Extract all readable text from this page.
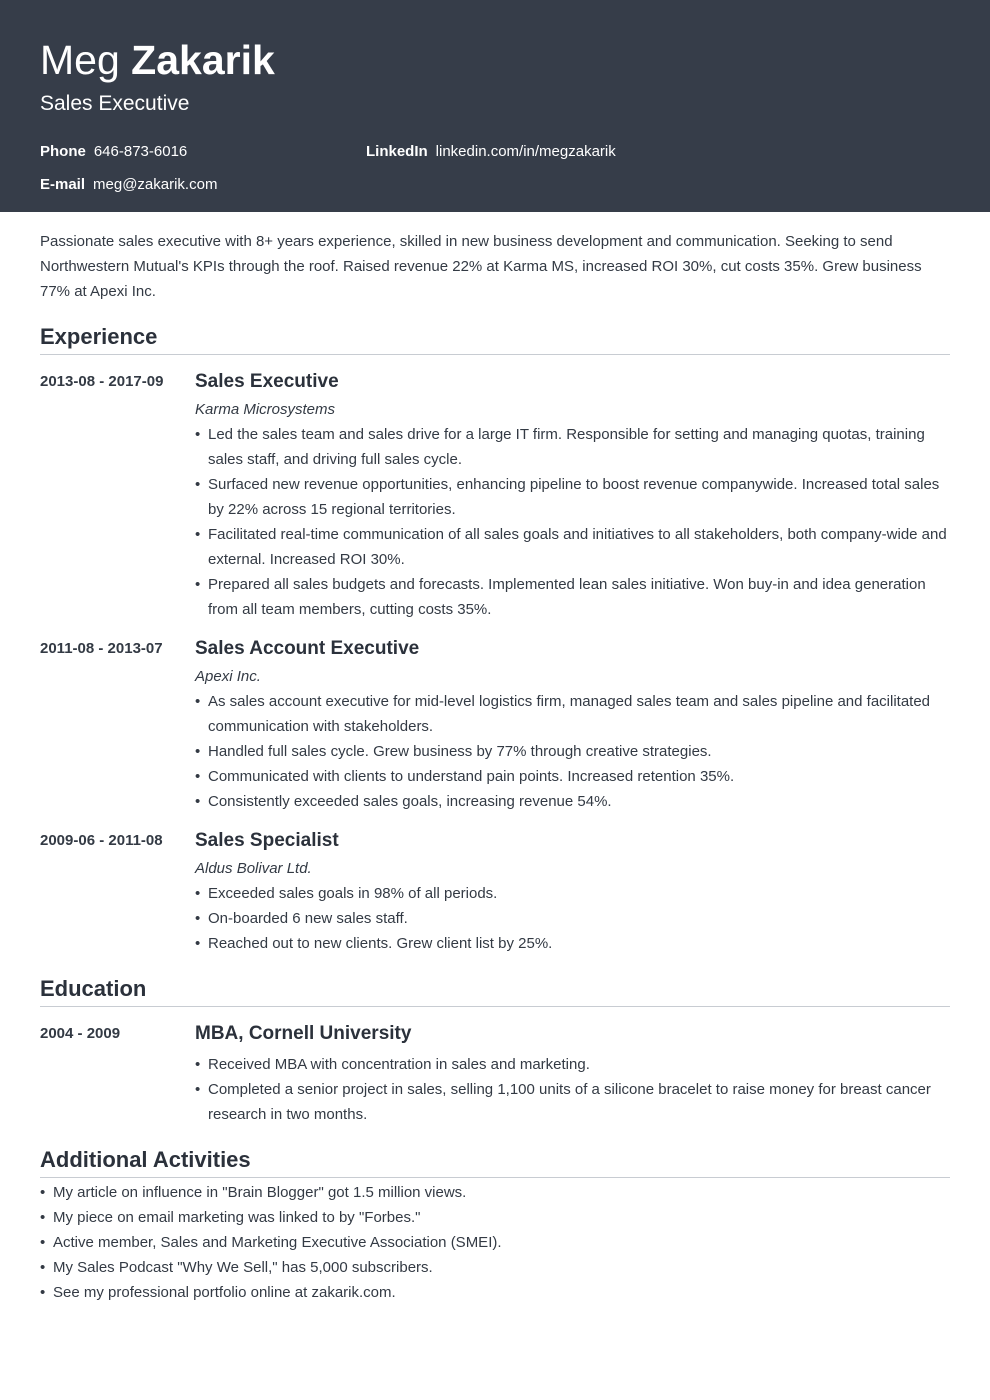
Meg Zakarik
Sales Executive
Phone 646-873-6016	LinkedIn linkedin.com/in/megzakarik
E-mail meg@zakarik.com

Passionate sales executive with 8+ years experience, skilled in new business development and communication. Seeking to send Northwestern Mutual's KPIs through the roof. Raised revenue 22% at Karma MS, increased ROI 30%, cut costs 35%. Grew business 77% at Apexi Inc.

Experience
2013-08 - 2017-09	Sales Executive
Karma Microsystems
• Led the sales team and sales drive for a large IT firm. Responsible for setting and managing quotas, training sales staff, and driving full sales cycle.
• Surfaced new revenue opportunities, enhancing pipeline to boost revenue companywide. Increased total sales by 22% across 15 regional territories.
• Facilitated real-time communication of all sales goals and initiatives to all stakeholders, both company-wide and external. Increased ROI 30%.
• Prepared all sales budgets and forecasts. Implemented lean sales initiative. Won buy-in and idea generation from all team members, cutting costs 35%.
2011-08 - 2013-07	Sales Account Executive
Apexi Inc.
• As sales account executive for mid-level logistics firm, managed sales team and sales pipeline and facilitated communication with stakeholders.
• Handled full sales cycle. Grew business by 77% through creative strategies.
• Communicated with clients to understand pain points. Increased retention 35%.
• Consistently exceeded sales goals, increasing revenue 54%.
2009-06 - 2011-08	Sales Specialist
Aldus Bolivar Ltd.
• Exceeded sales goals in 98% of all periods.
• On-boarded 6 new sales staff.
• Reached out to new clients. Grew client list by 25%.
Education
2004 - 2009	MBA, Cornell University
• Received MBA with concentration in sales and marketing.
• Completed a senior project in sales, selling 1,100 units of a silicone bracelet to raise money for breast cancer research in two months.
Additional Activities
• My article on influence in "Brain Blogger" got 1.5 million views.
• My piece on email marketing was linked to by "Forbes."
• Active member, Sales and Marketing Executive Association (SMEI).
• My Sales Podcast "Why We Sell," has 5,000 subscribers.
• See my professional portfolio online at zakarik.com.
